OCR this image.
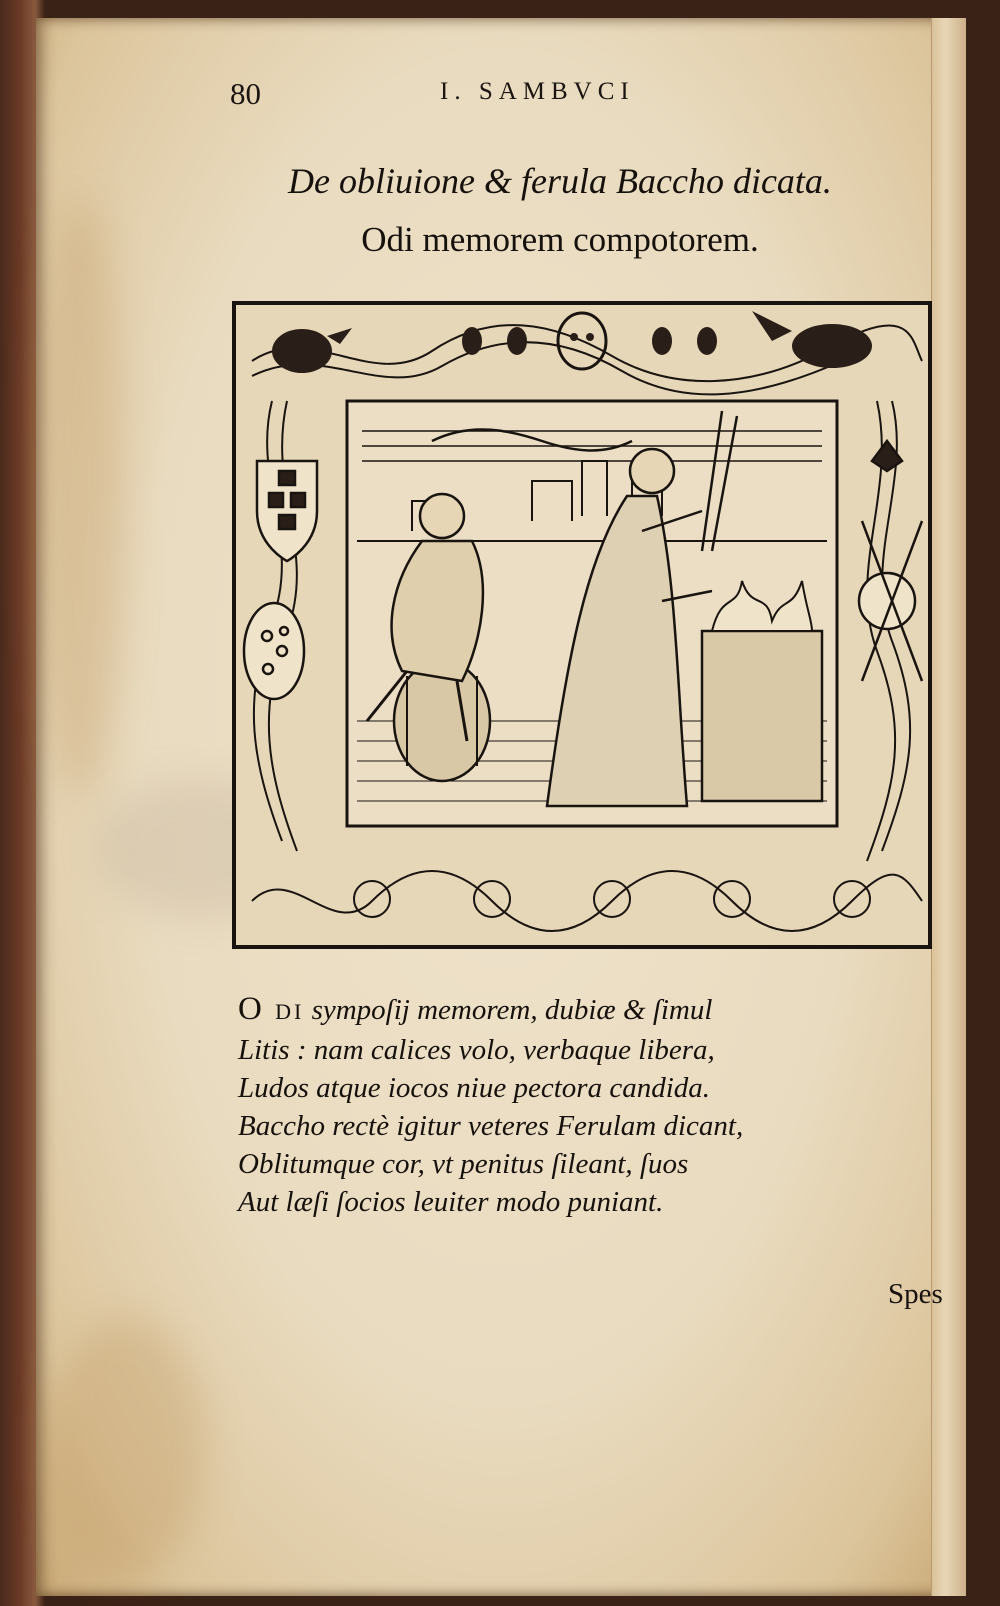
80	I. SAMBVCI
De obliuione & ferula Baccho dicata.
Odi memorem compotorem.
O DI sympoſij memorem, dubiæ & ſimul
Litis : nam calices volo, verbaque libera,
Ludos atque iocos niue pectora candida.
Baccho rectè igitur veteres Ferulam dicant,
Oblitumque cor, vt penitus ſileant, ſuos
Aut læſi ſocios leuiter modo puniant.
Spes
